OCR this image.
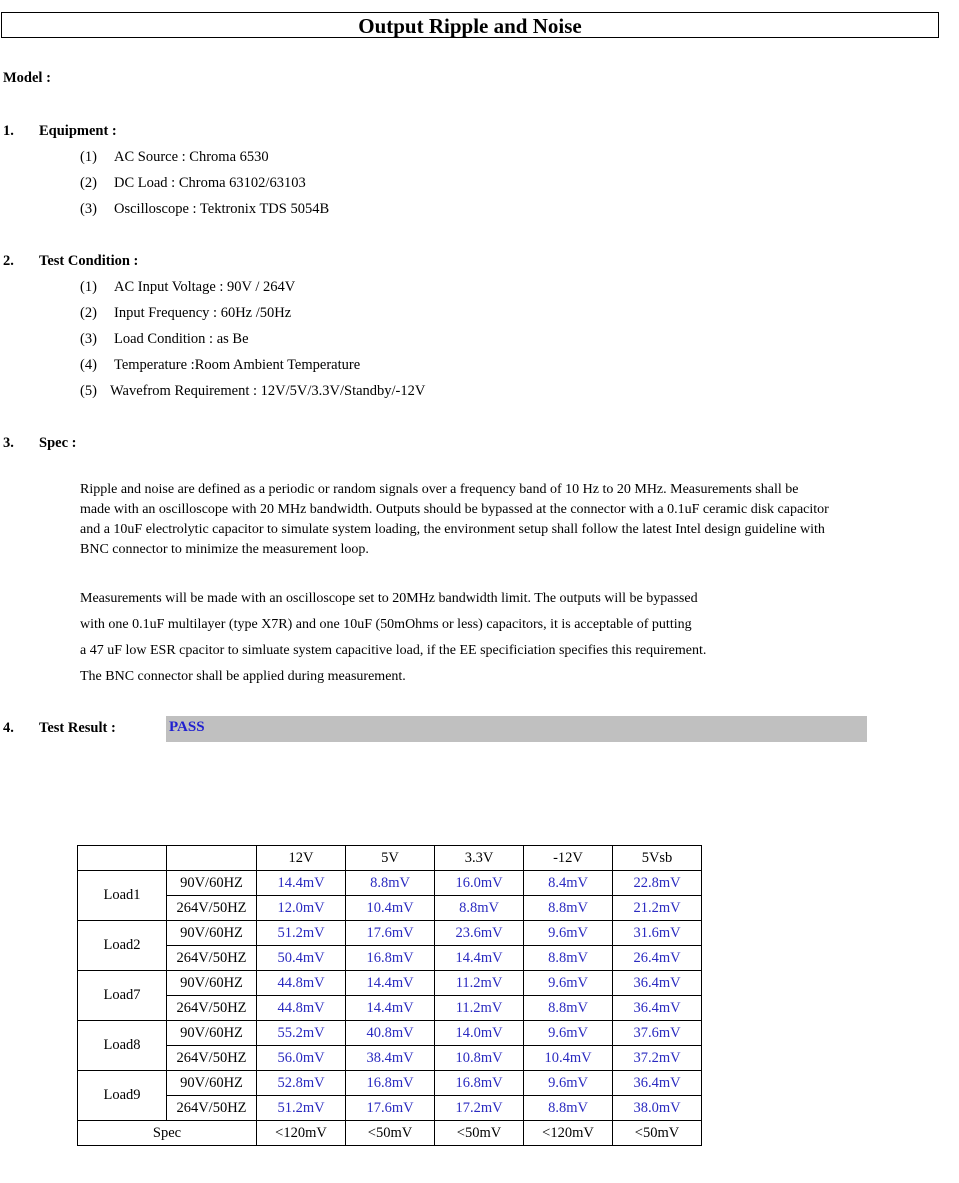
Output Ripple and Noise
Model :
1. Equipment :
(1) AC Source : Chroma 6530
(2) DC Load : Chroma 63102/63103
(3) Oscilloscope : Tektronix TDS 5054B
2. Test Condition :
(1) AC Input Voltage : 90V / 264V
(2) Input Frequency : 60Hz /50Hz
(3) Load Condition : as Be
(4) Temperature :Room Ambient Temperature
(5) Wavefrom Requirement : 12V/5V/3.3V/Standby/-12V
3. Spec :
Ripple and noise are defined as a periodic or random signals over a frequency band of 10 Hz to 20 MHz. Measurements shall be
made with an oscilloscope with 20 MHz bandwidth. Outputs should be bypassed at the connector with a 0.1uF ceramic disk capacitor
and a 10uF electrolytic capacitor to simulate system loading, the environment setup shall follow the latest Intel design guideline with
BNC connector to minimize the measurement loop.
Measurements will be made with an oscilloscope set to 20MHz bandwidth limit. The outputs will be bypassed
with one 0.1uF multilayer (type X7R) and one 10uF (50mOhms or less) capacitors, it is acceptable of putting
a 47 uF low ESR cpacitor to simluate system capacitive load, if the EE specificiation specifies this requirement.
The BNC connector shall be applied during measurement.
4. Test Result :	PASS
		12V	5V	3.3V	-12V	5Vsb
Load1	90V/60HZ	14.4mV	8.8mV	16.0mV	8.4mV	22.8mV
	264V/50HZ	12.0mV	10.4mV	8.8mV	8.8mV	21.2mV
Load2	90V/60HZ	51.2mV	17.6mV	23.6mV	9.6mV	31.6mV
	264V/50HZ	50.4mV	16.8mV	14.4mV	8.8mV	26.4mV
Load7	90V/60HZ	44.8mV	14.4mV	11.2mV	9.6mV	36.4mV
	264V/50HZ	44.8mV	14.4mV	11.2mV	8.8mV	36.4mV
Load8	90V/60HZ	55.2mV	40.8mV	14.0mV	9.6mV	37.6mV
	264V/50HZ	56.0mV	38.4mV	10.8mV	10.4mV	37.2mV
Load9	90V/60HZ	52.8mV	16.8mV	16.8mV	9.6mV	36.4mV
	264V/50HZ	51.2mV	17.6mV	17.2mV	8.8mV	38.0mV
Spec		<120mV	<50mV	<50mV	<120mV	<50mV
